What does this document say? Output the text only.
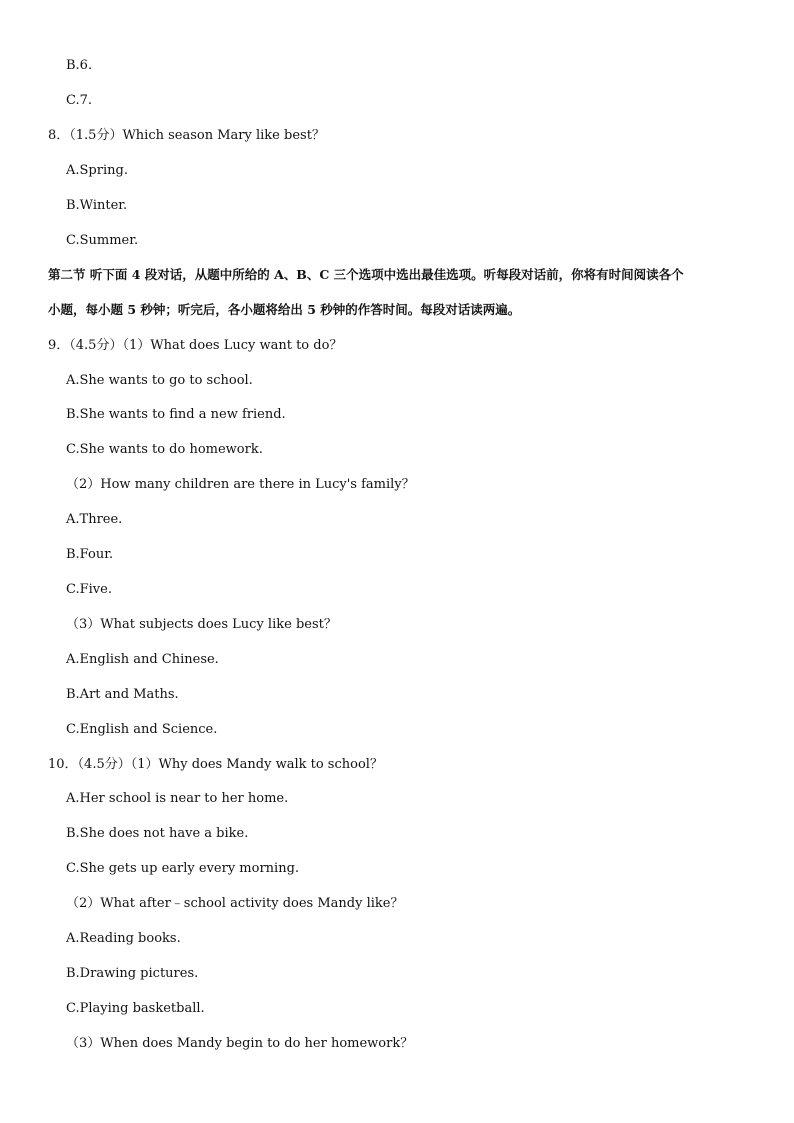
B.6.
C.7.
8．（1.5分）Which season Mary like best？
A.Spring.
B.Winter.
C.Summer.
第二节 听下面 4 段对话，从题中所给的 A、B、C 三个选项中选出最佳选项。听每段对话前，你将有时间阅读各个
小题，每小题 5 秒钟；听完后，各小题将给出 5 秒钟的作答时间。每段对话读两遍。
9．（4.5分）（1）What does Lucy want to do？
A.She wants to go to school.
B.She wants to find a new friend.
C.She wants to do homework.
（2）How many children are there in Lucy's family？
A.Three.
B.Four.
C.Five.
（3）What subjects does Lucy like best？
A.English and Chinese.
B.Art and Maths.
C.English and Science.
10．（4.5分）（1）Why does Mandy walk to school？
A.Her school is near to her home.
B.She does not have a bike.
C.She gets up early every morning.
（2）What after﹣school activity does Mandy like？
A.Reading books.
B.Drawing pictures.
C.Playing basketball.
（3）When does Mandy begin to do her homework？
